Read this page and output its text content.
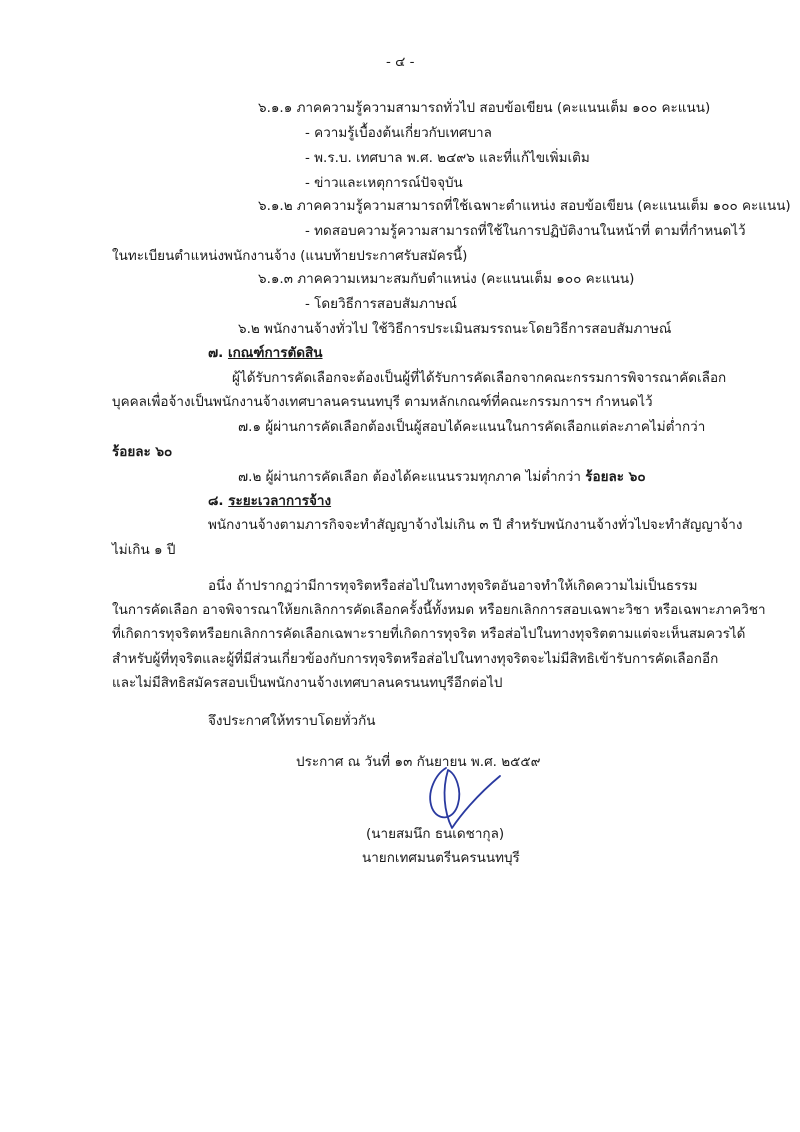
- ๔ -
๖.๑.๑ ภาคความรู้ความสามารถทั่วไป สอบข้อเขียน (คะแนนเต็ม ๑๐๐ คะแนน)
- ความรู้เบื้องต้นเกี่ยวกับเทศบาล
- พ.ร.บ. เทศบาล พ.ศ. ๒๔๙๖ และที่แก้ไขเพิ่มเติม
- ข่าวและเหตุการณ์ปัจจุบัน
๖.๑.๒ ภาคความรู้ความสามารถที่ใช้เฉพาะตำแหน่ง สอบข้อเขียน (คะแนนเต็ม ๑๐๐ คะแนน)
- ทดสอบความรู้ความสามารถที่ใช้ในการปฏิบัติงานในหน้าที่ ตามที่กำหนดไว้
ในทะเบียนตำแหน่งพนักงานจ้าง (แนบท้ายประกาศรับสมัครนี้)
๖.๑.๓ ภาคความเหมาะสมกับตำแหน่ง (คะแนนเต็ม ๑๐๐ คะแนน)
- โดยวิธีการสอบสัมภาษณ์
๖.๒ พนักงานจ้างทั่วไป ใช้วิธีการประเมินสมรรถนะโดยวิธีการสอบสัมภาษณ์
๗. เกณฑ์การตัดสิน
ผู้ได้รับการคัดเลือกจะต้องเป็นผู้ที่ได้รับการคัดเลือกจากคณะกรรมการพิจารณาคัดเลือก
บุคคลเพื่อจ้างเป็นพนักงานจ้างเทศบาลนครนนทบุรี ตามหลักเกณฑ์ที่คณะกรรมการฯ กำหนดไว้
๗.๑ ผู้ผ่านการคัดเลือกต้องเป็นผู้สอบได้คะแนนในการคัดเลือกแต่ละภาคไม่ต่ำกว่า
ร้อยละ ๖๐
๗.๒ ผู้ผ่านการคัดเลือก ต้องได้คะแนนรวมทุกภาค ไม่ต่ำกว่า ร้อยละ ๖๐
๘. ระยะเวลาการจ้าง
พนักงานจ้างตามภารกิจจะทำสัญญาจ้างไม่เกิน ๓ ปี สำหรับพนักงานจ้างทั่วไปจะทำสัญญาจ้าง
ไม่เกิน ๑ ปี
อนึ่ง ถ้าปรากฏว่ามีการทุจริตหรือส่อไปในทางทุจริตอันอาจทำให้เกิดความไม่เป็นธรรม
ในการคัดเลือก อาจพิจารณาให้ยกเลิกการคัดเลือกครั้งนี้ทั้งหมด หรือยกเลิกการสอบเฉพาะวิชา หรือเฉพาะภาควิชา
ที่เกิดการทุจริตหรือยกเลิกการคัดเลือกเฉพาะรายที่เกิดการทุจริต หรือส่อไปในทางทุจริตตามแต่จะเห็นสมควรได้
สำหรับผู้ที่ทุจริตและผู้ที่มีส่วนเกี่ยวข้องกับการทุจริตหรือส่อไปในทางทุจริตจะไม่มีสิทธิเข้ารับการคัดเลือกอีก
และไม่มีสิทธิสมัครสอบเป็นพนักงานจ้างเทศบาลนครนนทบุรีอีกต่อไป
จึงประกาศให้ทราบโดยทั่วกัน
ประกาศ ณ วันที่ ๑๓ กันยายน พ.ศ. ๒๕๕๙
(นายสมนึก ธนเดชากุล)
นายกเทศมนตรีนครนนทบุรี
